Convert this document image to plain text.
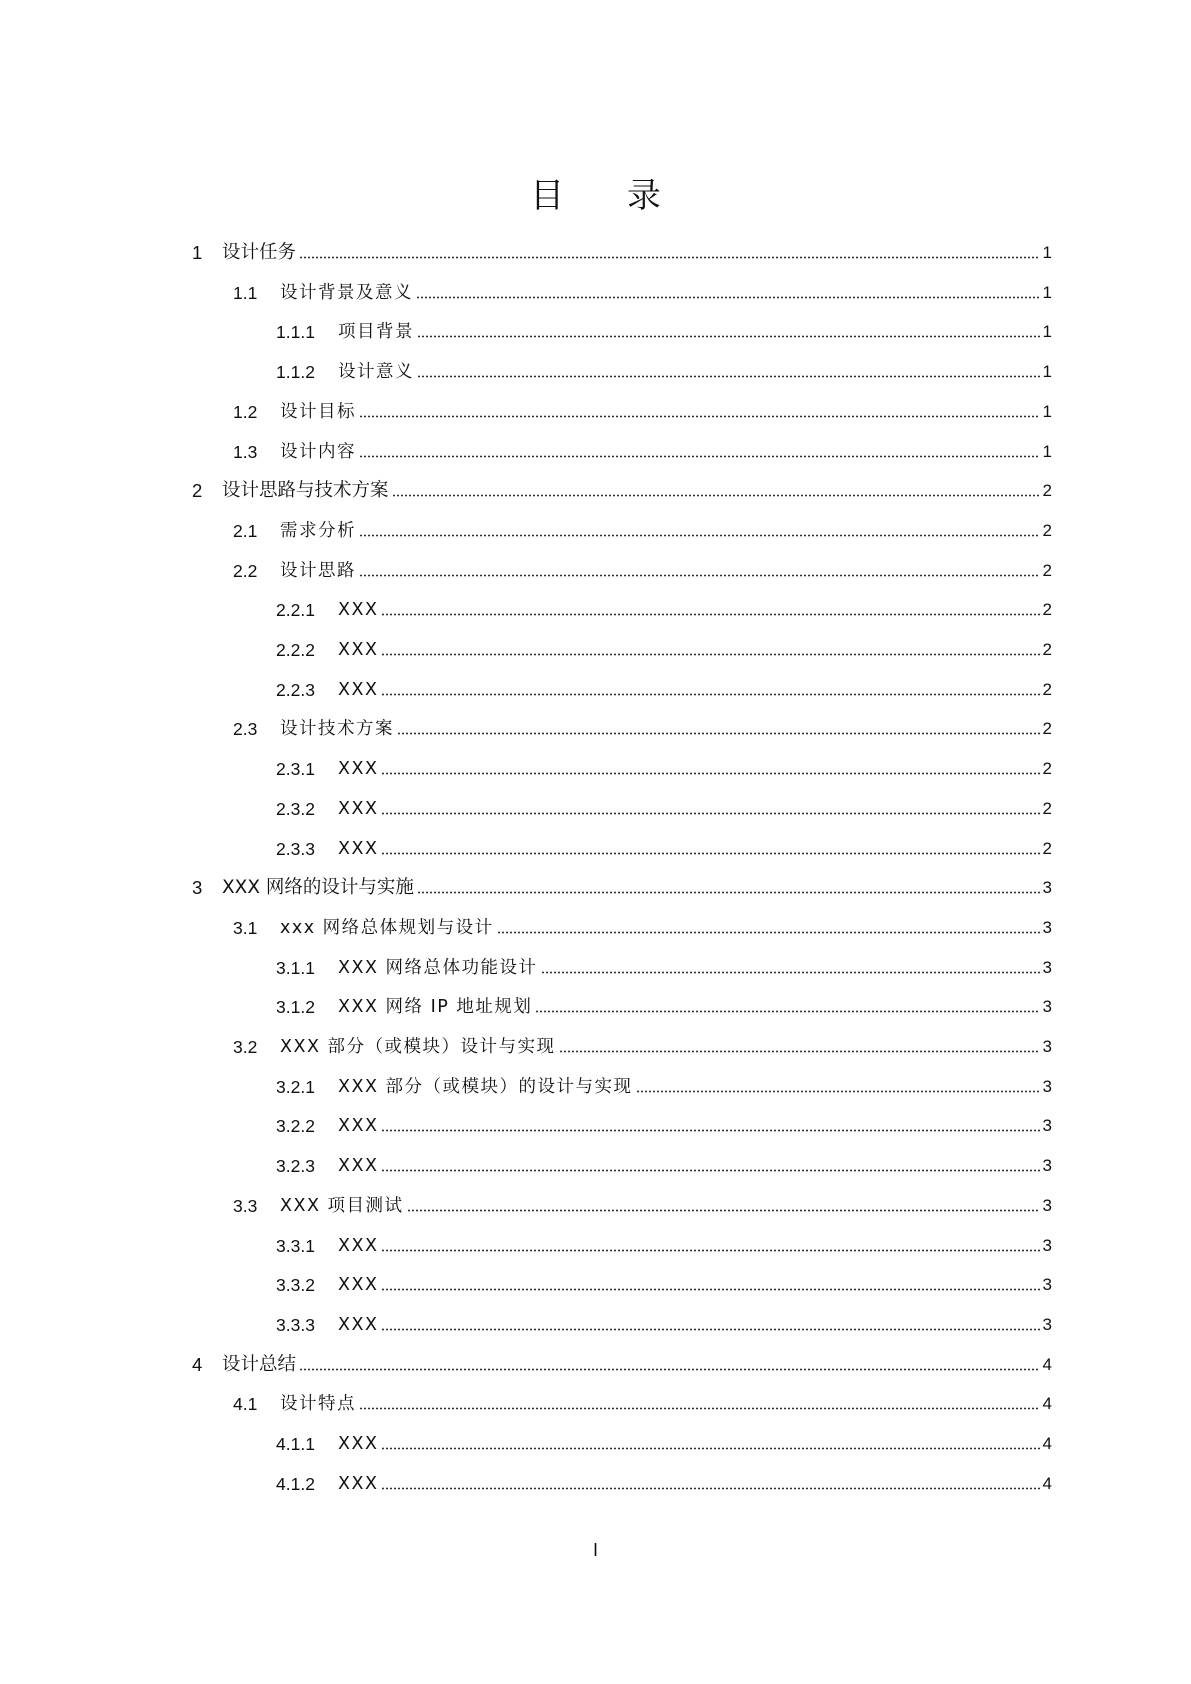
目 录
1	设计任务	1
1.1	设计背景及意义	1
1.1.1	项目背景	1
1.1.2	设计意义	1
1.2	设计目标	1
1.3	设计内容	1
2	设计思路与技术方案	2
2.1	需求分析	2
2.2	设计思路	2
2.2.1	XXX	2
2.2.2	XXX	2
2.2.3	XXX	2
2.3	设计技术方案	2
2.3.1	XXX	2
2.3.2	XXX	2
2.3.3	XXX	2
3	XXX 网络的设计与实施	3
3.1	xxx 网络总体规划与设计	3
3.1.1	XXX 网络总体功能设计	3
3.1.2	XXX 网络 IP 地址规划	3
3.2	XXX 部分（或模块）设计与实现	3
3.2.1	XXX 部分（或模块）的设计与实现	3
3.2.2	XXX	3
3.2.3	XXX	3
3.3	XXX 项目测试	3
3.3.1	XXX	3
3.3.2	XXX	3
3.3.3	XXX	3
4	设计总结	4
4.1	设计特点	4
4.1.1	XXX	4
4.1.2	XXX	4
I
